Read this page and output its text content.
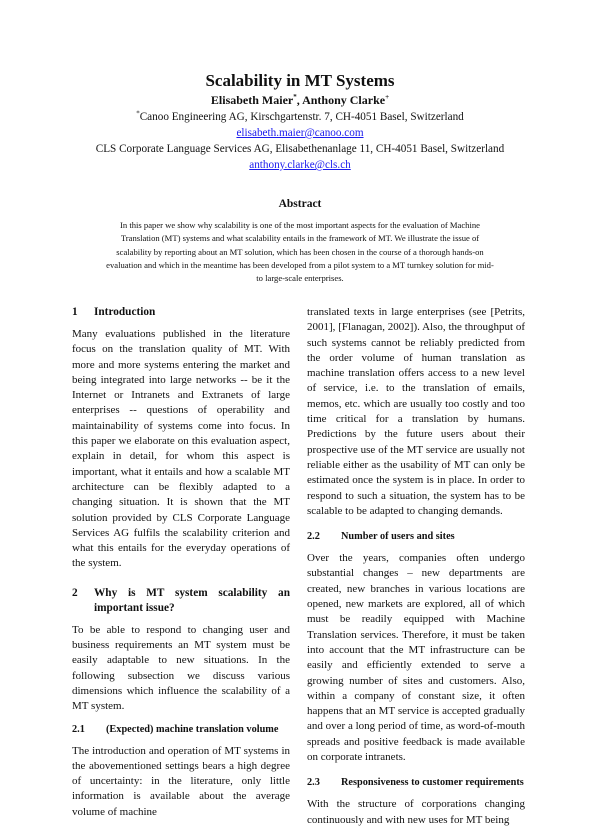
Scalability in MT Systems
Elisabeth Maier*, Anthony Clarke+
*Canoo Engineering AG, Kirschgartenstr. 7, CH-4051 Basel, Switzerland
elisabeth.maier@canoo.com
CLS Corporate Language Services AG, Elisabethenanlage 11, CH-4051 Basel, Switzerland
anthony.clarke@cls.ch
Abstract
In this paper we show why scalability is one of the most important aspects for the evaluation of Machine Translation (MT) systems and what scalability entails in the framework of MT. We illustrate the issue of scalability by reporting about an MT solution, which has been chosen in the course of a thorough hands-on evaluation and which in the meantime has been developed from a pilot system to a MT turnkey solution for mid- to large-scale enterprises.
1 Introduction

Many evaluations published in the literature focus on the translation quality of MT. With more and more systems entering the market and being integrated into large networks -- be it the Internet or Intranets and Extranets of large enterprises -- questions of operability and maintainability of systems come into focus. In this paper we elaborate on this evaluation aspect, explain in detail, for whom this aspect is important, what it entails and how a scalable MT architecture can be flexibly adapted to a changing situation. It is shown that the MT solution provided by CLS Corporate Language Services AG fulfils the scalability criterion and what this entails for the everyday operations of the system.

2	Why is MT system scalability an important issue?

To be able to respond to changing user and business requirements an MT system must be easily adaptable to new situations. In the following subsection we discuss various dimensions which influence the scalability of a MT system.

2.1 (Expected) machine translation volume

The introduction and operation of MT systems in the abovementioned settings bears a high degree of uncertainty: in the literature, only little information is available about the average volume of machine

translated texts in large enterprises (see [Petrits, 2001], [Flanagan, 2002]). Also, the throughput of such systems cannot be reliably predicted from the order volume of human translation as machine translation offers access to a new level of service, i.e. to the translation of emails, memos, etc. which are usually too costly and too time critical for a translation by humans. Predictions by the future users about their prospective use of the MT service are usually not reliable either as the usability of MT can only be estimated once the system is in place. In order to respond to such a situation, the system has to be scalable to be adapted to changing demands.

2.2 Number of users and sites

Over the years, companies often undergo substantial changes – new departments are created, new branches in various locations are opened, new markets are explored, all of which must be readily equipped with Machine Translation services. Therefore, it must be taken into account that the MT infrastructure can be easily and efficiently extended to serve a growing number of sites and customers. Also, within a company of constant size, it often happens that an MT service is accepted gradually and over a long period of time, as word-of-mouth spreads and positive feedback is made available on corporate intranets.

2.3 Responsiveness to customer requirements

With the structure of corporations changing continuously and with new uses for MT being
